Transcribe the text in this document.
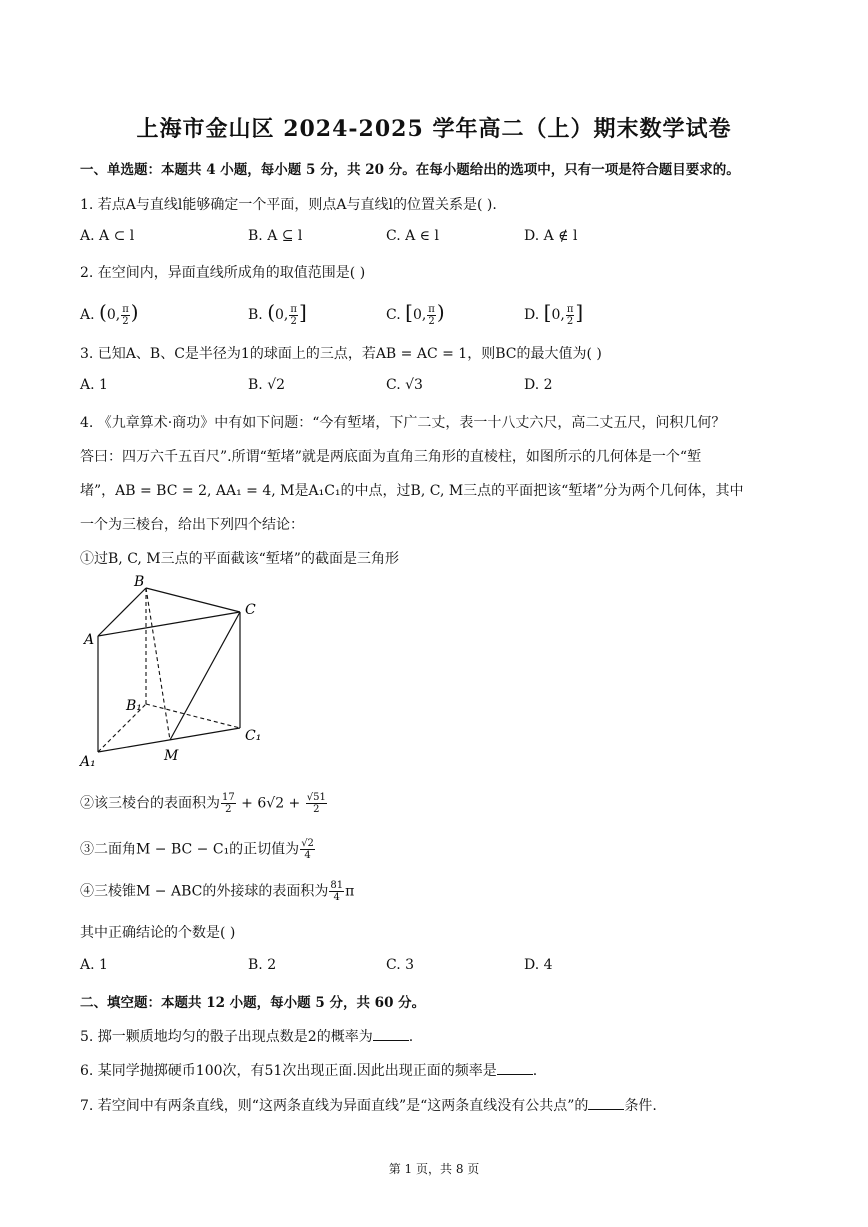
上海市金山区 2024-2025 学年高二（上）期末数学试卷
一、单选题：本题共 4 小题，每小题 5 分，共 20 分。在每小题给出的选项中，只有一项是符合题目要求的。
1. 若点A与直线l能够确定一个平面，则点A与直线l的位置关系是( ).
A. A ⊂ l	B. A ⊆ l	C. A ∈ l	D. A ∉ l
2. 在空间内，异面直线所成角的取值范围是( )
A. (0, $\frac{\pi}{2}$ )	B. (0, $\frac{\pi}{2}$ ]	C. [0, $\frac{\pi}{2}$ )	D. [0, $\frac{\pi}{2}$ ]
3. 已知A、B、C是半径为1的球面上的三点，若AB = AC = 1，则BC的最大值为( )
A. 1	B. √2	C. √3	D. 2
4. 《九章算术·商功》中有如下问题：“今有堑堵，下广二丈，表一十八丈六尺，高二丈五尺，问积几何？
答曰：四万六千五百尺”.所谓“堑堵”就是两底面为直角三角形的直棱柱，如图所示的几何体是一个“堑
堵”，AB = BC = 2, AA₁ = 4, M是A₁C₁的中点，过B, C, M三点的平面把该“堑堵”分为两个几何体，其中
一个为三棱台，给出下列四个结论：
①过B, C, M三点的平面截该“堑堵”的截面是三角形
B
C
A
B₁
C₁
A₁	M
②该三棱台的表面积为 $\frac{17}{2} + 6√2 + \frac{√51}{2}$
③二面角M − BC − C₁的正切值为 $\frac{√2}{4}$
④三棱锥M − ABC的外接球的表面积为 $\frac{81}{4}$ π
其中正确结论的个数是( )
A. 1	B. 2	C. 3	D. 4
二、填空题：本题共 12 小题，每小题 5 分，共 60 分。
5. 掷一颗质地均匀的骰子出现点数是2的概率为	.
6. 某同学抛掷硬币100次，有51次出现正面.因此出现正面的频率是	.
7. 若空间中有两条直线，则“这两条直线为异面直线”是“这两条直线没有公共点”的	条件.
第 1 页，共 8 页
